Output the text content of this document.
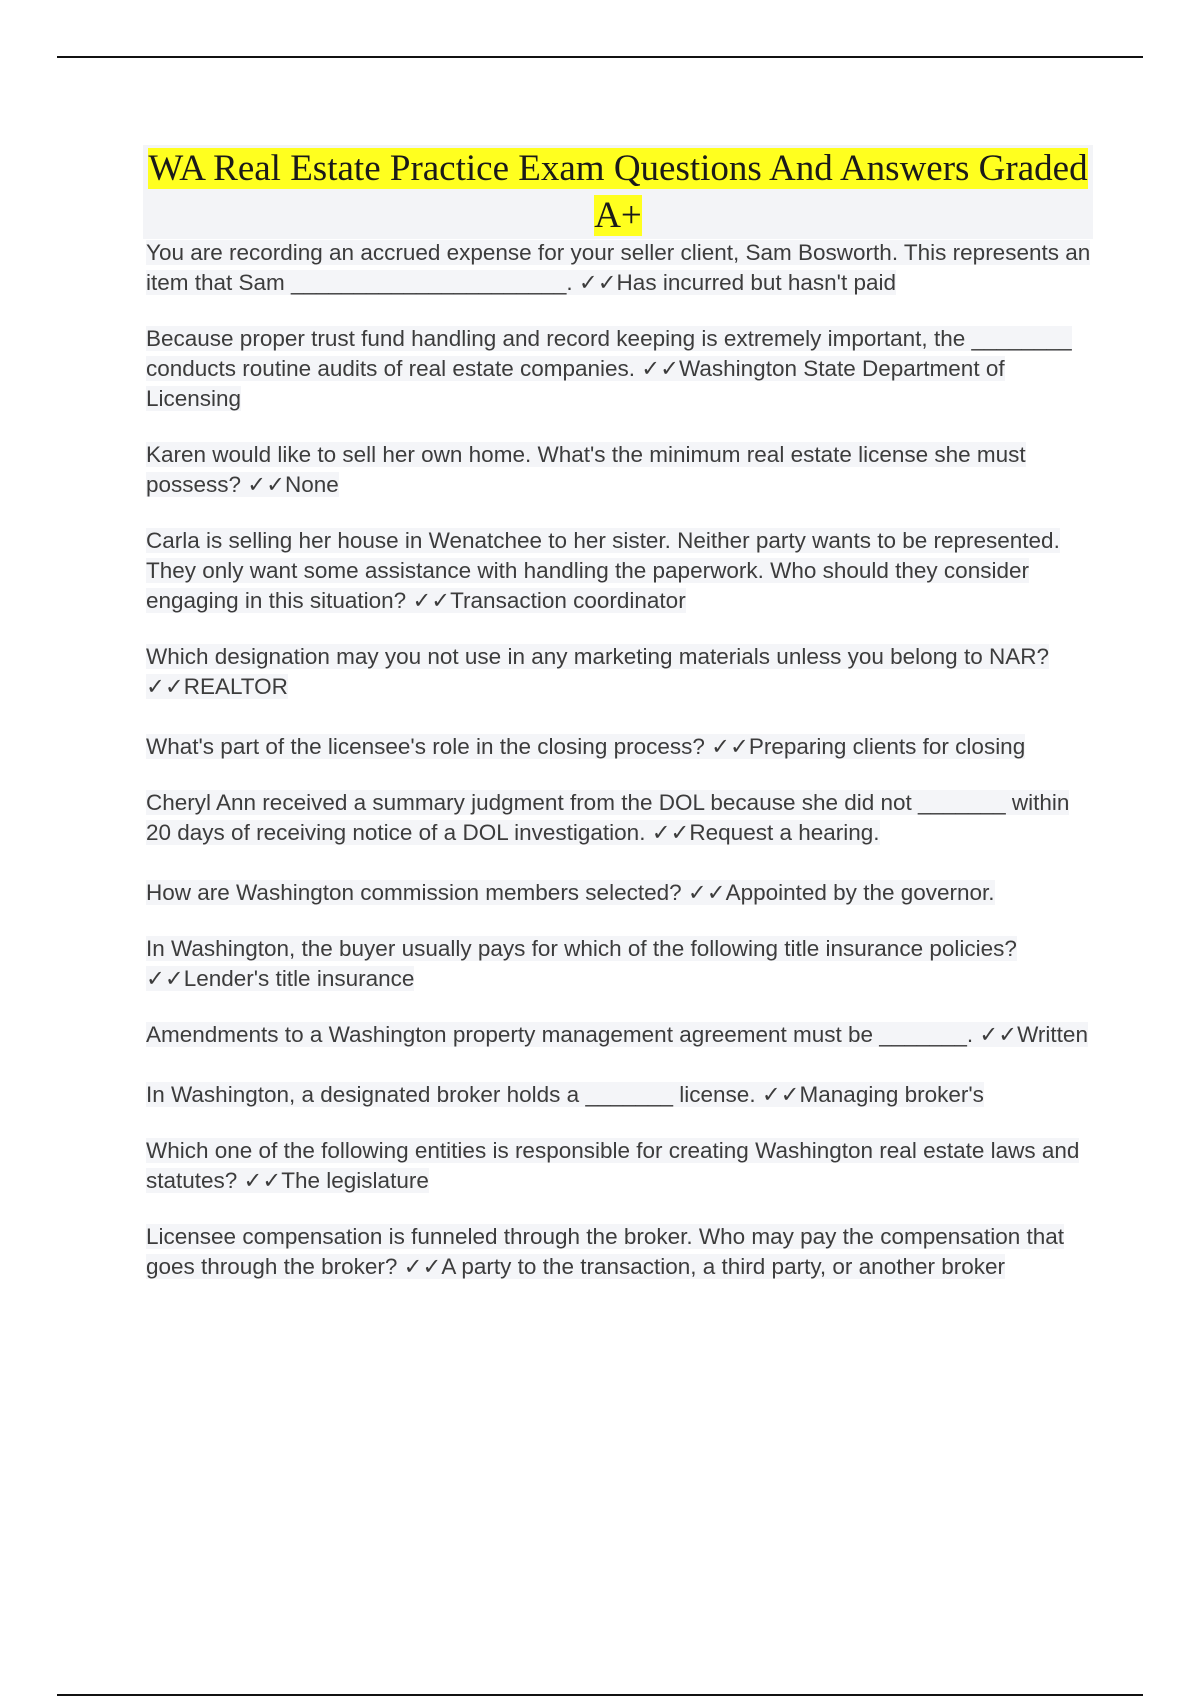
WA Real Estate Practice Exam Questions And Answers Graded A+

You are recording an accrued expense for your seller client, Sam Bosworth. This represents an item that Sam ______________________. ✓✓Has incurred but hasn't paid

Because proper trust fund handling and record keeping is extremely important, the ________ conducts routine audits of real estate companies. ✓✓Washington State Department of Licensing

Karen would like to sell her own home. What's the minimum real estate license she must possess? ✓✓None

Carla is selling her house in Wenatchee to her sister. Neither party wants to be represented. They only want some assistance with handling the paperwork. Who should they consider engaging in this situation? ✓✓Transaction coordinator

Which designation may you not use in any marketing materials unless you belong to NAR? ✓✓REALTOR

What's part of the licensee's role in the closing process? ✓✓Preparing clients for closing

Cheryl Ann received a summary judgment from the DOL because she did not _______ within 20 days of receiving notice of a DOL investigation. ✓✓Request a hearing.

How are Washington commission members selected? ✓✓Appointed by the governor.

In Washington, the buyer usually pays for which of the following title insurance policies? ✓✓Lender's title insurance

Amendments to a Washington property management agreement must be _______. ✓✓Written

In Washington, a designated broker holds a _______ license. ✓✓Managing broker's

Which one of the following entities is responsible for creating Washington real estate laws and statutes? ✓✓The legislature

Licensee compensation is funneled through the broker. Who may pay the compensation that goes through the broker? ✓✓A party to the transaction, a third party, or another broker
